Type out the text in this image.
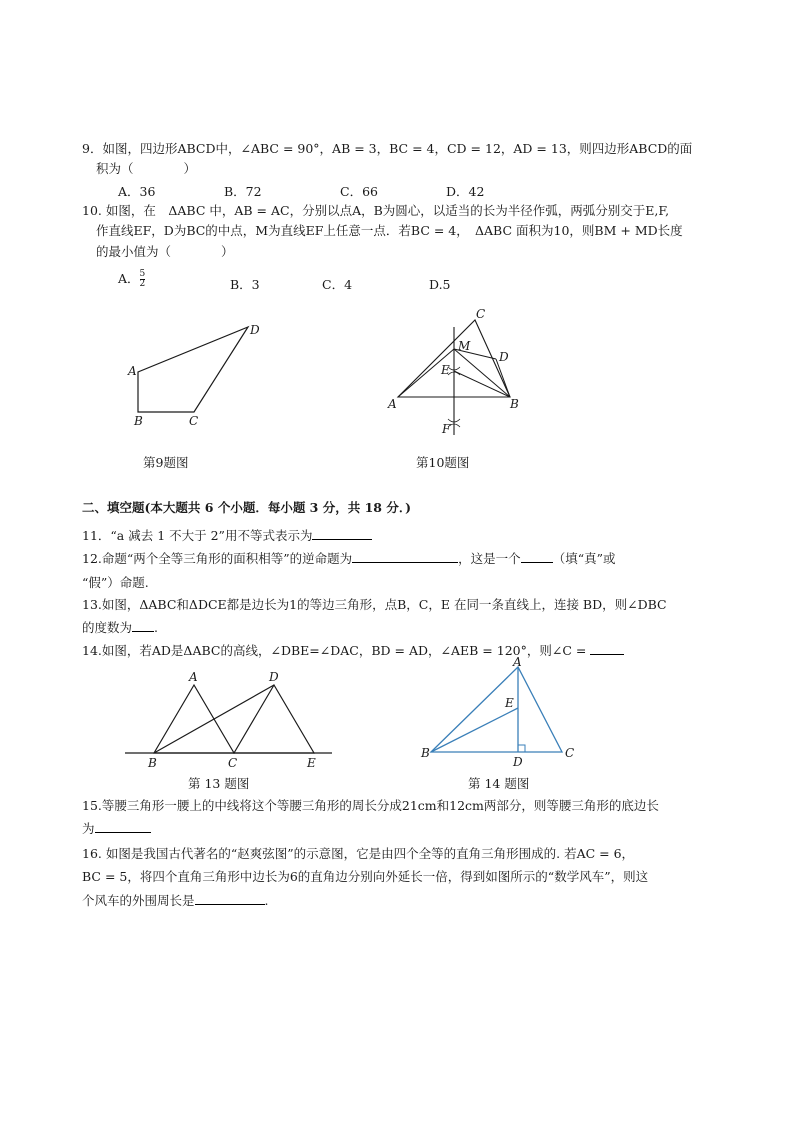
9．如图，四边形ABCD中，∠ABC = 90°，AB = 3，BC = 4，CD = 12，AD = 13，则四边形ABCD的面
积为（　　　　）
A．36	B．72	C．66	D．42
10. 如图，在　ΔABC 中，AB = AC，分别以点A，B为圆心，以适当的长为半径作弧，两弧分别交于E,F,
作直线EF，D为BC的中点，M为直线EF上任意一点．若BC = 4，　ΔABC 面积为10，则BM + MD长度
的最小值为（　　　　）
A． $\frac{5}{2}$	B．3	C．4	D.5
A
B	C
D
第9题图
C
M
D
E
A	B
F
第10题图
二、填空题(本大题共 6 个小题．每小题 3 分，共 18 分．)
11．“a 减去 1 不大于 2”用不等式表示为
12.命题“两个全等三角形的面积相等”的逆命题为	，这是一个	（填“真”或
“假”）命题.
13.如图，ΔABC和ΔDCE都是边长为1的等边三角形，点B，C，E 在同一条直线上，连接 BD，则∠DBC
的度数为 .
14.如图，若AD是ΔABC的高线，∠DBE=∠DAC，BD = AD，∠AEB = 120°，则∠C =
A	D
B	C	E
第 13 题图
A
E
B
D
C
第 14 题图
15.等腰三角形一腰上的中线将这个等腰三角形的周长分成21cm和12cm两部分，则等腰三角形的底边长
为
16. 如图是我国古代著名的“赵爽弦图”的示意图，它是由四个全等的直角三角形围成的. 若AC = 6，
BC = 5，将四个直角三角形中边长为6的直角边分别向外延长一倍，得到如图所示的“数学风车”，则这
个风车的外围周长是	.
